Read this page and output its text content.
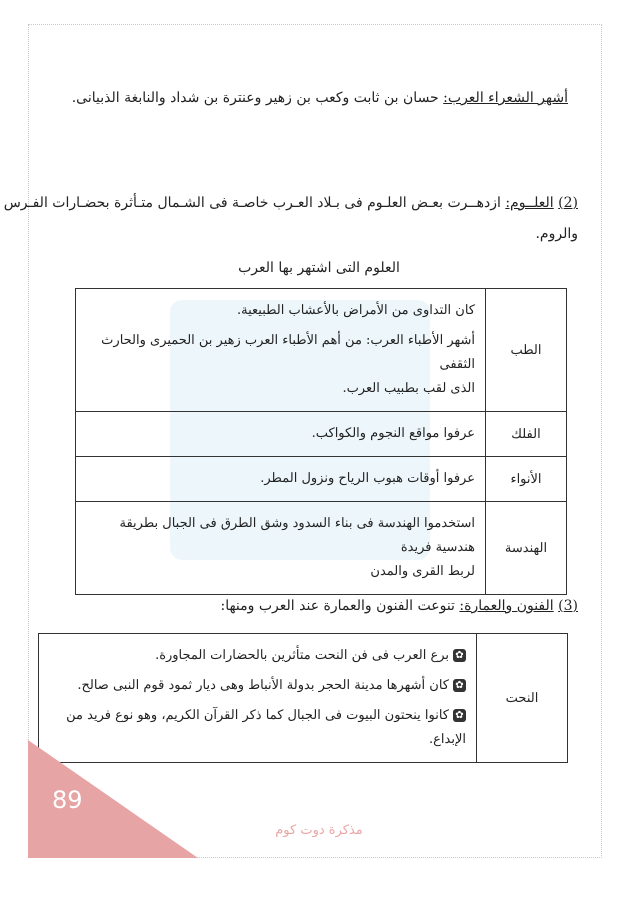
أشهر الشعراء العرب: حسان بن ثابت وكعب بن زهير وعنترة بن شداد والنابغة الذبيانى.
(2) العلــوم: ازدهــرت بعـض العلـوم فى بـلاد العـرب خاصـة فى الشـمال متـأثرة بحضـارات الفـرس
والروم.
العلوم التى اشتهر بها العرب
الطب	كان التداوى من الأمراض بالأعشاب الطبيعية.
أشهر الأطباء العرب: من أهم الأطباء العرب زهير بن الحميرى والحارث الثقفى
الذى لقب بطبيب العرب.

الفلك	عرفوا مواقع النجوم والكواكب.

الأنواء	عرفوا أوقات هبوب الرياح ونزول المطر.

الهندسة	استخدموا الهندسة فى بناء السدود وشق الطرق فى الجبال بطريقة هندسية فريدة
لربط القرى والمدن
(3) الفنون والعمارة: تنوعت الفنون والعمارة عند العرب ومنها:
النحت	
✿برع العرب فى فن النحت متأثرين بالحضارات المجاورة.
✿كان أشهرها مدينة الحجر بدولة الأنباط وهى ديار ثمود قوم النبى صالح.
✿كانوا ينحتون البيوت فى الجبال كما ذكر القرآن الكريم، وهو نوع فريد من الإبداع.
89
مذكرة دوت كوم
